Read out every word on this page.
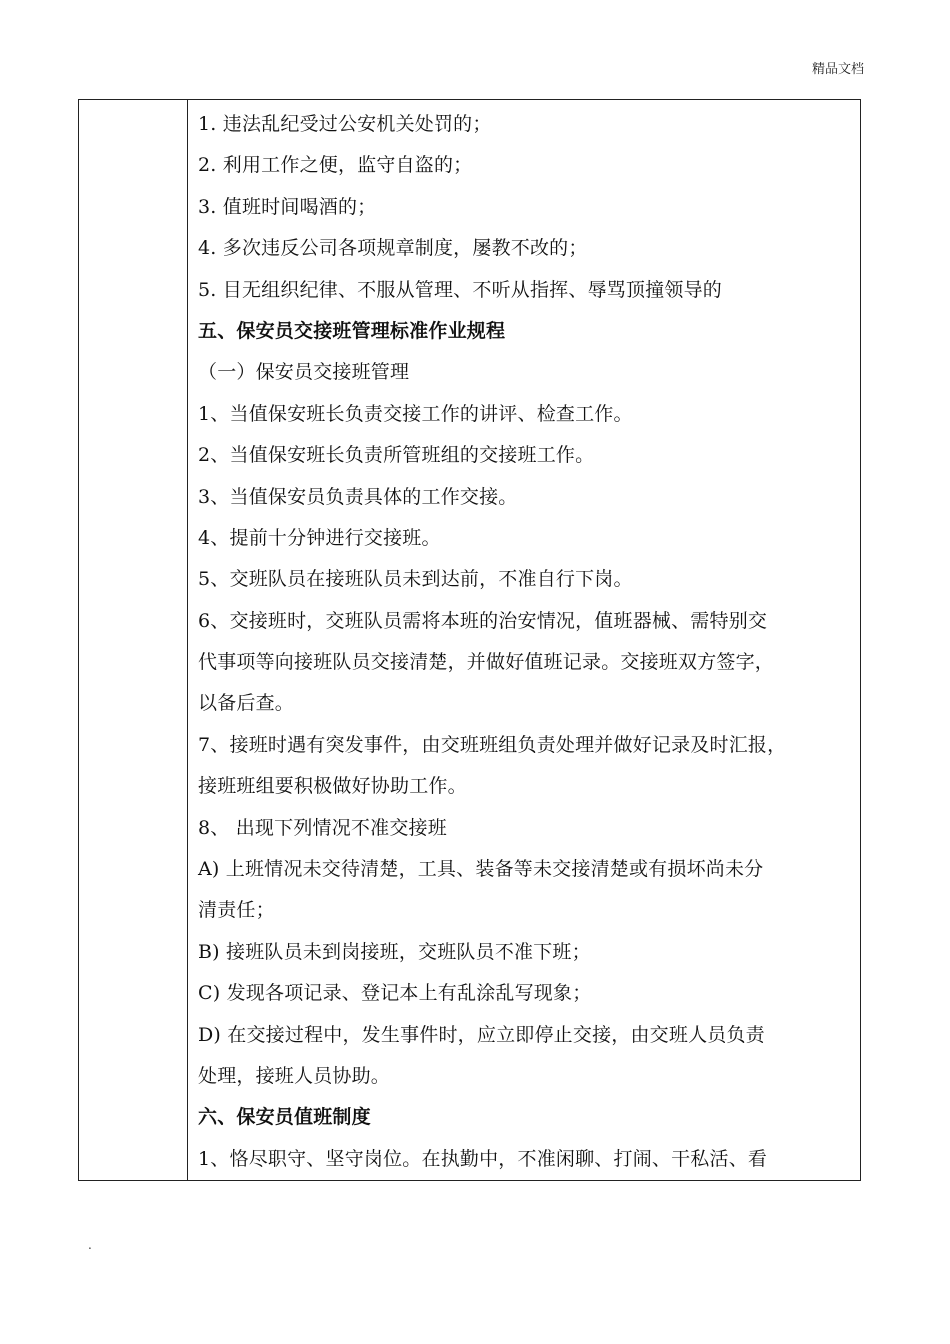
精品文档
1. 违法乱纪受过公安机关处罚的；
2. 利用工作之便，监守自盗的；
3. 值班时间喝酒的；
4. 多次违反公司各项规章制度，屡教不改的；
5. 目无组织纪律、不服从管理、不听从指挥、辱骂顶撞领导的
五、保安员交接班管理标准作业规程
（一）保安员交接班管理
1、当值保安班长负责交接工作的讲评、检查工作。
2、当值保安班长负责所管班组的交接班工作。
3、当值保安员负责具体的工作交接。
4、提前十分钟进行交接班。
5、交班队员在接班队员未到达前，不准自行下岗。
6、交接班时，交班队员需将本班的治安情况，值班器械、需特别交
代事项等向接班队员交接清楚，并做好值班记录。交接班双方签字，
以备后查。
7、接班时遇有突发事件，由交班班组负责处理并做好记录及时汇报，
接班班组要积极做好协助工作。
8、 出现下列情况不准交接班
A) 上班情况未交待清楚，工具、装备等未交接清楚或有损坏尚未分
清责任；
B) 接班队员未到岗接班，交班队员不准下班；
C) 发现各项记录、登记本上有乱涂乱写现象；
D) 在交接过程中，发生事件时，应立即停止交接，由交班人员负责
处理，接班人员协助。
六、保安员值班制度
1、恪尽职守、坚守岗位。在执勤中，不准闲聊、打闹、干私活、看
.
